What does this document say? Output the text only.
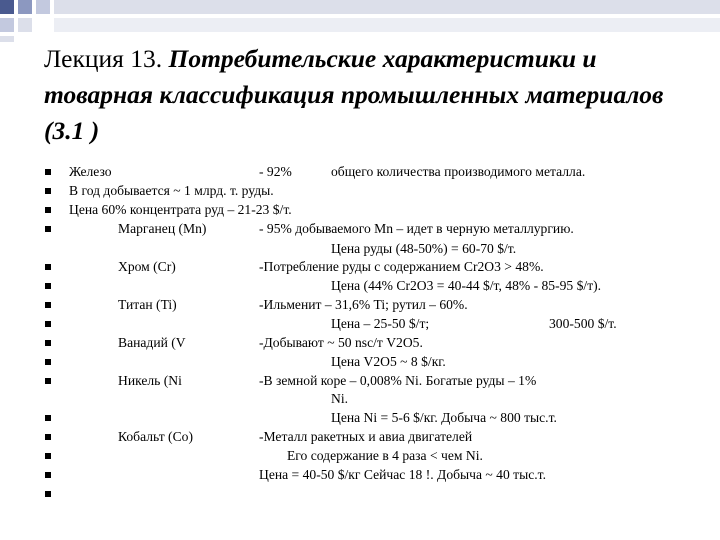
Лекция 13. Потребительские характеристики и товарная классификация промышленных материалов (3.1 )
Железо	- 92%	общего количества производимого металла.
В год добывается ~ 1 млрд. т. руды.
Цена 60% концентрата руд – 21-23 $/т.
Марганец (Mn)	- 95% добываемого Mn – идет в черную металлургию.
Цена руды (48-50%) = 60-70 $/т.
Хром (Cr)	-Потребление руды с содержанием Cr2O3 > 48%.
Цена (44% Cr2O3 = 40-44 $/т, 48% - 85-95 $/т).
Титан (Ti)	-Ильменит – 31,6% Ti; рутил – 60%.
Цена – 25-50 $/т;	300-500 $/т.
Ванадий (V	-Добывают ~ 50 nsc/т V2O5.
Цена V2O5 ~ 8 $/кг.
Никель (Ni	-В земной коре – 0,008% Ni. Богатые руды – 1%
Ni.
Цена Ni = 5-6 $/кг. Добыча ~ 800 тыс.т.
Кобальт (Co)	-Металл ракетных и авиа двигателей
Его содержание в 4 раза < чем Ni.
Цена = 40-50 $/кг Сейчас 18 !. Добыча ~ 40 тыс.т.
